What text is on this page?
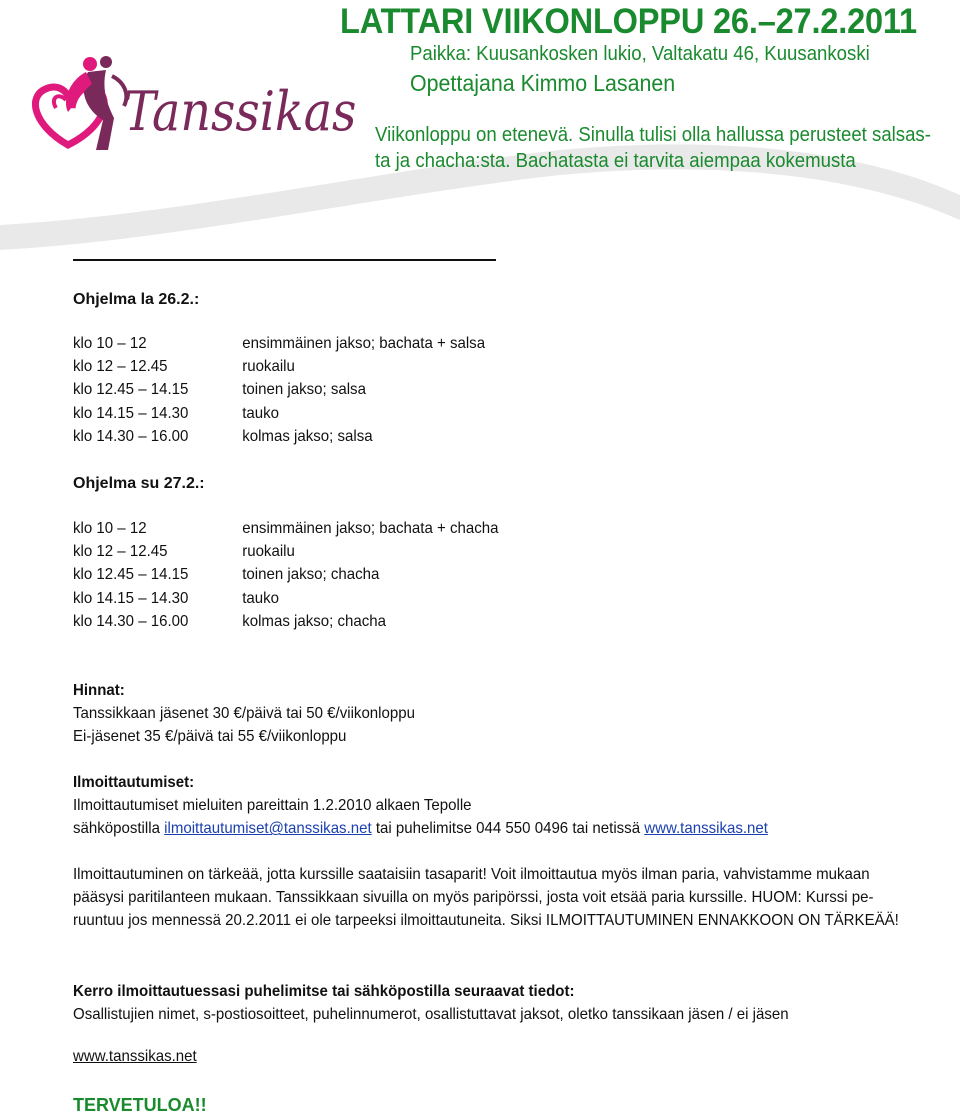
Tanssikas
LATTARI VIIKONLOPPU 26.–27.2.2011
Paikka: Kuusankosken lukio, Valtakatu 46, Kuusankoski
Opettajana Kimmo Lasanen
Viikonloppu on etenevä. Sinulla tulisi olla hallussa perusteet salsas-
ta ja chacha:sta. Bachatasta ei tarvita aiempaa kokemusta
Ohjelma la 26.2.:
klo 10 – 12	ensimmäinen jakso; bachata + salsa
klo 12 – 12.45	ruokailu
klo 12.45 – 14.15	toinen jakso; salsa
klo 14.15 – 14.30	tauko
klo 14.30 – 16.00	kolmas jakso; salsa
Ohjelma su 27.2.:
klo 10 – 12	ensimmäinen jakso; bachata + chacha
klo 12 – 12.45	ruokailu
klo 12.45 – 14.15	toinen jakso; chacha
klo 14.15 – 14.30	tauko
klo 14.30 – 16.00	kolmas jakso; chacha
Hinnat:
Tanssikkaan jäsenet 30 €/päivä tai 50 €/viikonloppu
Ei-jäsenet 35 €/päivä tai 55 €/viikonloppu
Ilmoittautumiset:
Ilmoittautumiset mieluiten pareittain 1.2.2010 alkaen Tepolle
sähköpostilla ilmoittautumiset@tanssikas.net tai puhelimitse 044 550 0496 tai netissä www.tanssikas.net
Ilmoittautuminen on tärkeää, jotta kurssille saataisiin tasaparit! Voit ilmoittautua myös ilman paria, vahvistamme mukaan pääsysi paritilanteen mukaan. Tanssikkaan sivuilla on myös paripörssi, josta voit etsää paria kurssille. HUOM: Kurssi pe-ruuntuu jos mennessä 20.2.2011 ei ole tarpeeksi ilmoittautuneita. Siksi ILMOITTAUTUMINEN ENNAKKOON ON TÄRKEÄÄ!
Kerro ilmoittautuessasi puhelimitse tai sähköpostilla seuraavat tiedot:
Osallistujien nimet, s-postiosoitteet, puhelinnumerot, osallistuttavat jaksot, oletko tanssikaan jäsen / ei jäsen
www.tanssikas.net
TERVETULOA!!
